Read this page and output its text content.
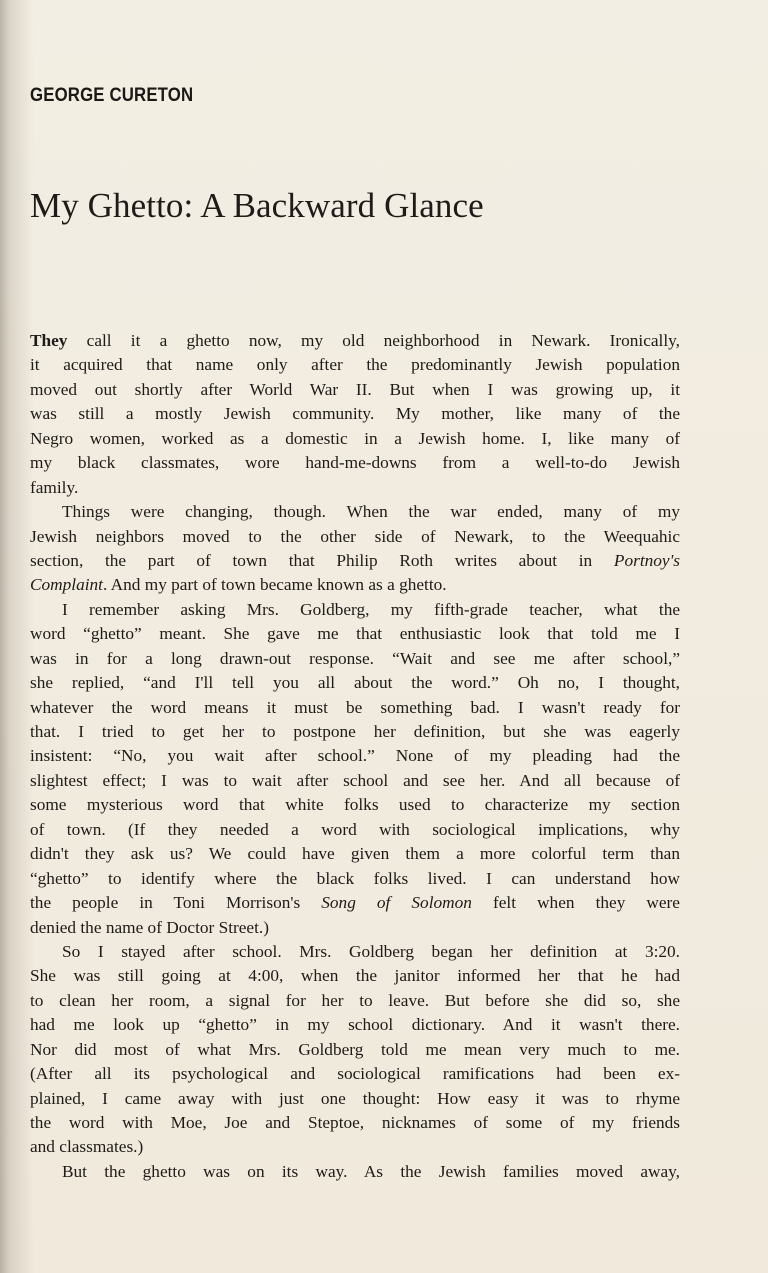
GEORGE CURETON
My Ghetto: A Backward Glance
They call it a ghetto now, my old neighborhood in Newark. Ironically,
it acquired that name only after the predominantly Jewish population
moved out shortly after World War II. But when I was growing up, it
was still a mostly Jewish community. My mother, like many of the
Negro women, worked as a domestic in a Jewish home. I, like many of
my black classmates, wore hand-me-downs from a well-to-do Jewish
family.
Things were changing, though. When the war ended, many of my
Jewish neighbors moved to the other side of Newark, to the Weequahic
section, the part of town that Philip Roth writes about in Portnoy's
Complaint. And my part of town became known as a ghetto.
I remember asking Mrs. Goldberg, my fifth-grade teacher, what the
word “ghetto” meant. She gave me that enthusiastic look that told me I
was in for a long drawn-out response. “Wait and see me after school,”
she replied, “and I'll tell you all about the word.” Oh no, I thought,
whatever the word means it must be something bad. I wasn't ready for
that. I tried to get her to postpone her definition, but she was eagerly
insistent: “No, you wait after school.” None of my pleading had the
slightest effect; I was to wait after school and see her. And all because of
some mysterious word that white folks used to characterize my section
of town. (If they needed a word with sociological implications, why
didn't they ask us? We could have given them a more colorful term than
“ghetto” to identify where the black folks lived. I can understand how
the people in Toni Morrison's Song of Solomon felt when they were
denied the name of Doctor Street.)
So I stayed after school. Mrs. Goldberg began her definition at 3:20.
She was still going at 4:00, when the janitor informed her that he had
to clean her room, a signal for her to leave. But before she did so, she
had me look up “ghetto” in my school dictionary. And it wasn't there.
Nor did most of what Mrs. Goldberg told me mean very much to me.
(After all its psychological and sociological ramifications had been ex-
plained, I came away with just one thought: How easy it was to rhyme
the word with Moe, Joe and Steptoe, nicknames of some of my friends
and classmates.)
But the ghetto was on its way. As the Jewish families moved away,
